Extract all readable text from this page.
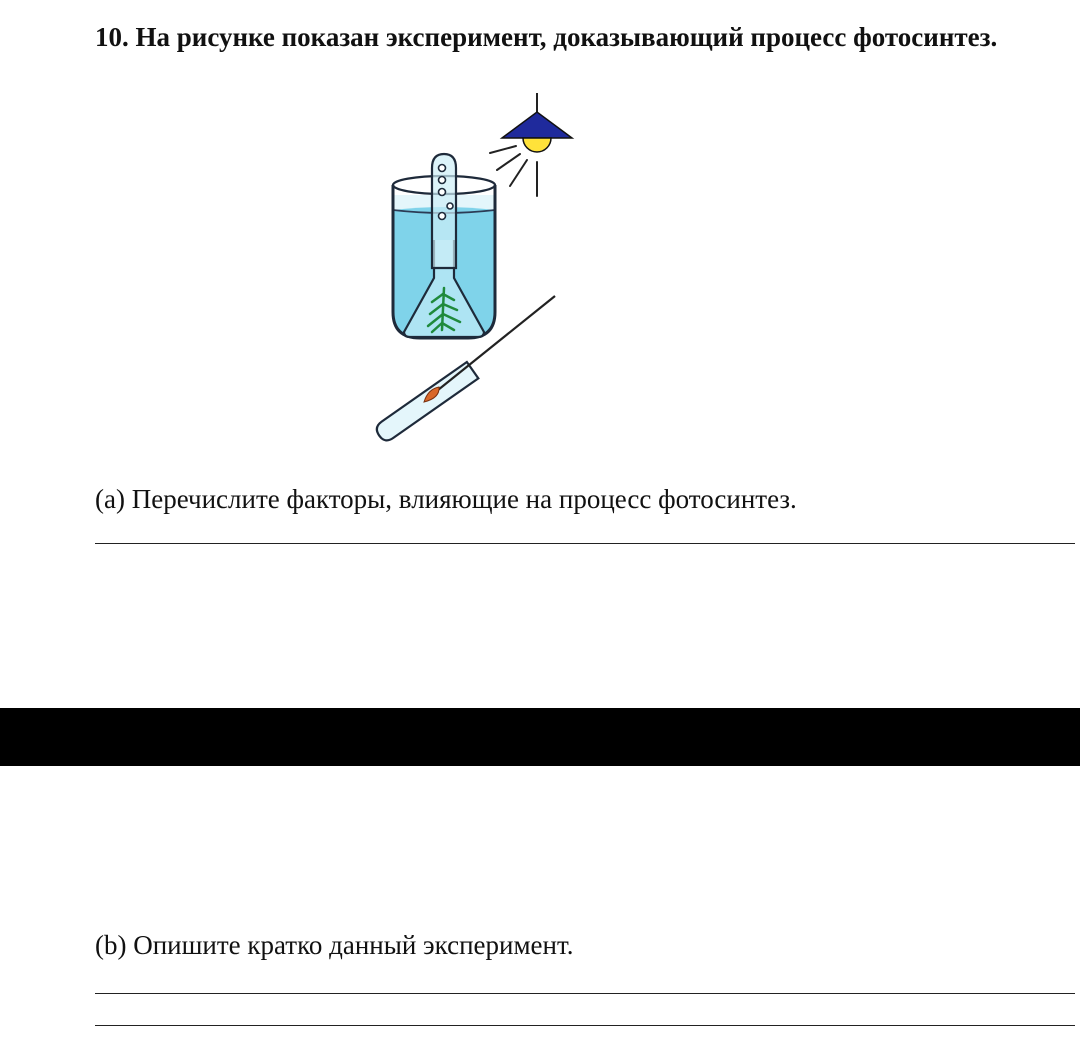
10. На рисунке показан эксперимент, доказывающий процесс фотосинтез.

(a) Перечислите факторы, влияющие на процесс фотосинтез.

(b) Опишите кратко данный эксперимент.
